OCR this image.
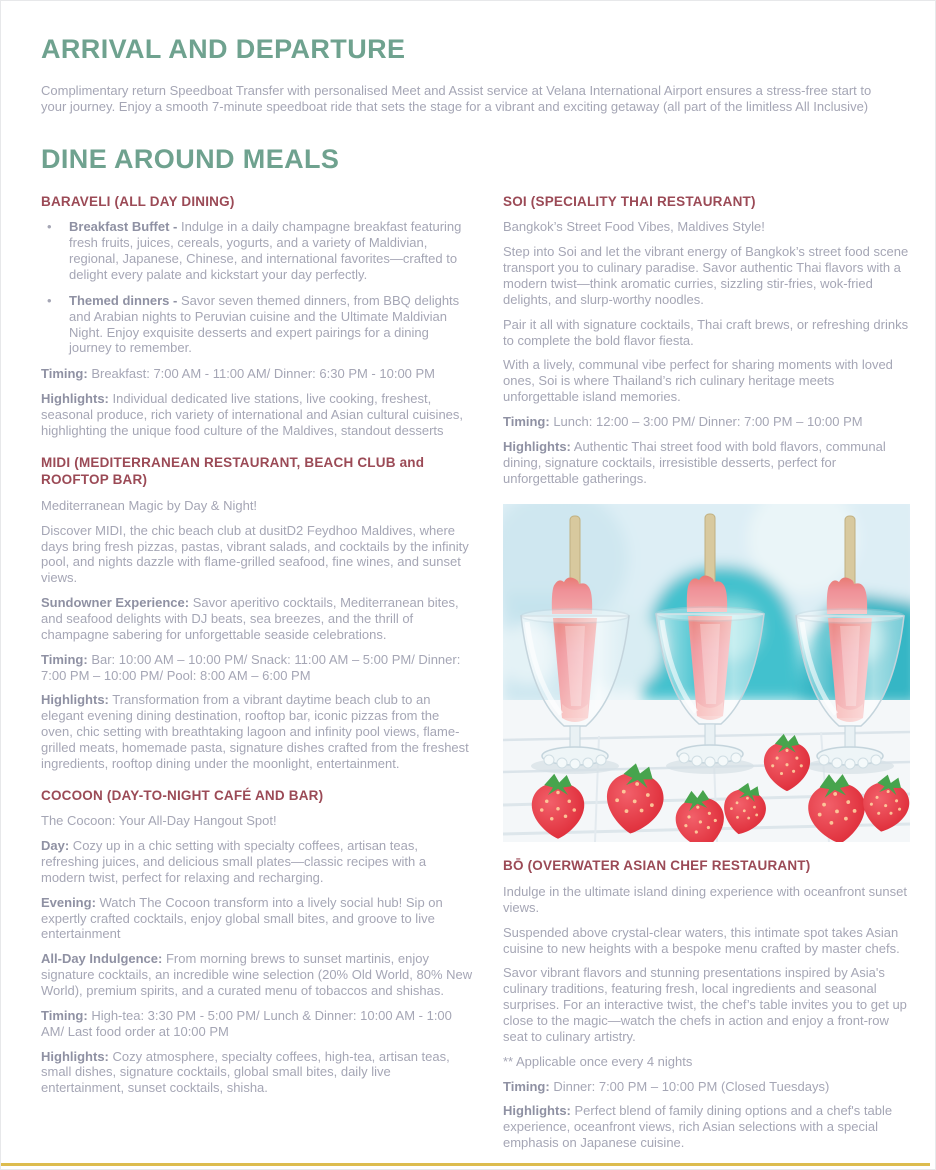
ARRIVAL AND DEPARTURE

Complimentary return Speedboat Transfer with personalised Meet and Assist service at Velana International Airport ensures a stress-free start to your journey. Enjoy a smooth 7-minute speedboat ride that sets the stage for a vibrant and exciting getaway (all part of the limitless All Inclusive)

DINE AROUND MEALS
BARAVELI (ALL DAY DINING)
•	Breakfast Buffet - Indulge in a daily champagne breakfast featuring fresh fruits, juices, cereals, yogurts, and a variety of Maldivian, regional, Japanese, Chinese, and international favorites—crafted to delight every palate and kickstart your day perfectly.

•	Themed dinners - Savor seven themed dinners, from BBQ delights and Arabian nights to Peruvian cuisine and the Ultimate Maldivian Night. Enjoy exquisite desserts and expert pairings for a dining journey to remember.

Timing: Breakfast: 7:00 AM - 11:00 AM/ Dinner: 6:30 PM - 10:00 PM

Highlights: Individual dedicated live stations, live cooking, freshest, seasonal produce, rich variety of international and Asian cultural cuisines, highlighting the unique food culture of the Maldives, standout desserts

MIDI (MEDITERRANEAN RESTAURANT, BEACH CLUB and ROOFTOP BAR)

Mediterranean Magic by Day & Night!

Discover MIDI, the chic beach club at dusitD2 Feydhoo Maldives, where days bring fresh pizzas, pastas, vibrant salads, and cocktails by the infinity pool, and nights dazzle with flame-grilled seafood, fine wines, and sunset views.

Sundowner Experience: Savor aperitivo cocktails, Mediterranean bites, and seafood delights with DJ beats, sea breezes, and the thrill of champagne sabering for unforgettable seaside celebrations.

Timing: Bar: 10:00 AM – 10:00 PM/ Snack: 11:00 AM – 5:00 PM/ Dinner: 7:00 PM – 10:00 PM/ Pool: 8:00 AM – 6:00 PM

Highlights: Transformation from a vibrant daytime beach club to an elegant evening dining destination, rooftop bar, iconic pizzas from the oven, chic setting with breathtaking lagoon and infinity pool views, flame-grilled meats, homemade pasta, signature dishes crafted from the freshest ingredients, rooftop dining under the moonlight, entertainment.

COCOON (DAY-TO-NIGHT CAFÉ AND BAR)

The Cocoon: Your All-Day Hangout Spot!

Day: Cozy up in a chic setting with specialty coffees, artisan teas, refreshing juices, and delicious small plates—classic recipes with a modern twist, perfect for relaxing and recharging.

Evening: Watch The Cocoon transform into a lively social hub! Sip on expertly crafted cocktails, enjoy global small bites, and groove to live entertainment

All-Day Indulgence: From morning brews to sunset martinis, enjoy signature cocktails, an incredible wine selection (20% Old World, 80% New World), premium spirits, and a curated menu of tobaccos and shishas.

Timing: High-tea: 3:30 PM - 5:00 PM/ Lunch & Dinner: 10:00 AM - 1:00 AM/ Last food order at 10:00 PM

Highlights: Cozy atmosphere, specialty coffees, high-tea, artisan teas, small dishes, signature cocktails, global small bites, daily live entertainment, sunset cocktails, shisha.

SOI (SPECIALITY THAI RESTAURANT)

Bangkok’s Street Food Vibes, Maldives Style!

Step into Soi and let the vibrant energy of Bangkok’s street food scene transport you to culinary paradise. Savor authentic Thai flavors with a modern twist—think aromatic curries, sizzling stir-fries, wok-fried delights, and slurp-worthy noodles.

Pair it all with signature cocktails, Thai craft brews, or refreshing drinks to complete the bold flavor fiesta.

With a lively, communal vibe perfect for sharing moments with loved ones, Soi is where Thailand’s rich culinary heritage meets unforgettable island memories.

Timing: Lunch: 12:00 – 3:00 PM/ Dinner: 7:00 PM – 10:00 PM

Highlights: Authentic Thai street food with bold flavors, communal dining, signature cocktails, irresistible desserts, perfect for unforgettable gatherings.

BŌ (OVERWATER ASIAN CHEF RESTAURANT)

Indulge in the ultimate island dining experience with oceanfront sunset views.

Suspended above crystal-clear waters, this intimate spot takes Asian cuisine to new heights with a bespoke menu crafted by master chefs.

Savor vibrant flavors and stunning presentations inspired by Asia's culinary traditions, featuring fresh, local ingredients and seasonal surprises. For an interactive twist, the chef’s table invites you to get up close to the magic—watch the chefs in action and enjoy a front-row seat to culinary artistry.

** Applicable once every 4 nights

Timing: Dinner: 7:00 PM – 10:00 PM (Closed Tuesdays)

Highlights: Perfect blend of family dining options and a chef's table experience, oceanfront views, rich Asian selections with a special emphasis on Japanese cuisine.
